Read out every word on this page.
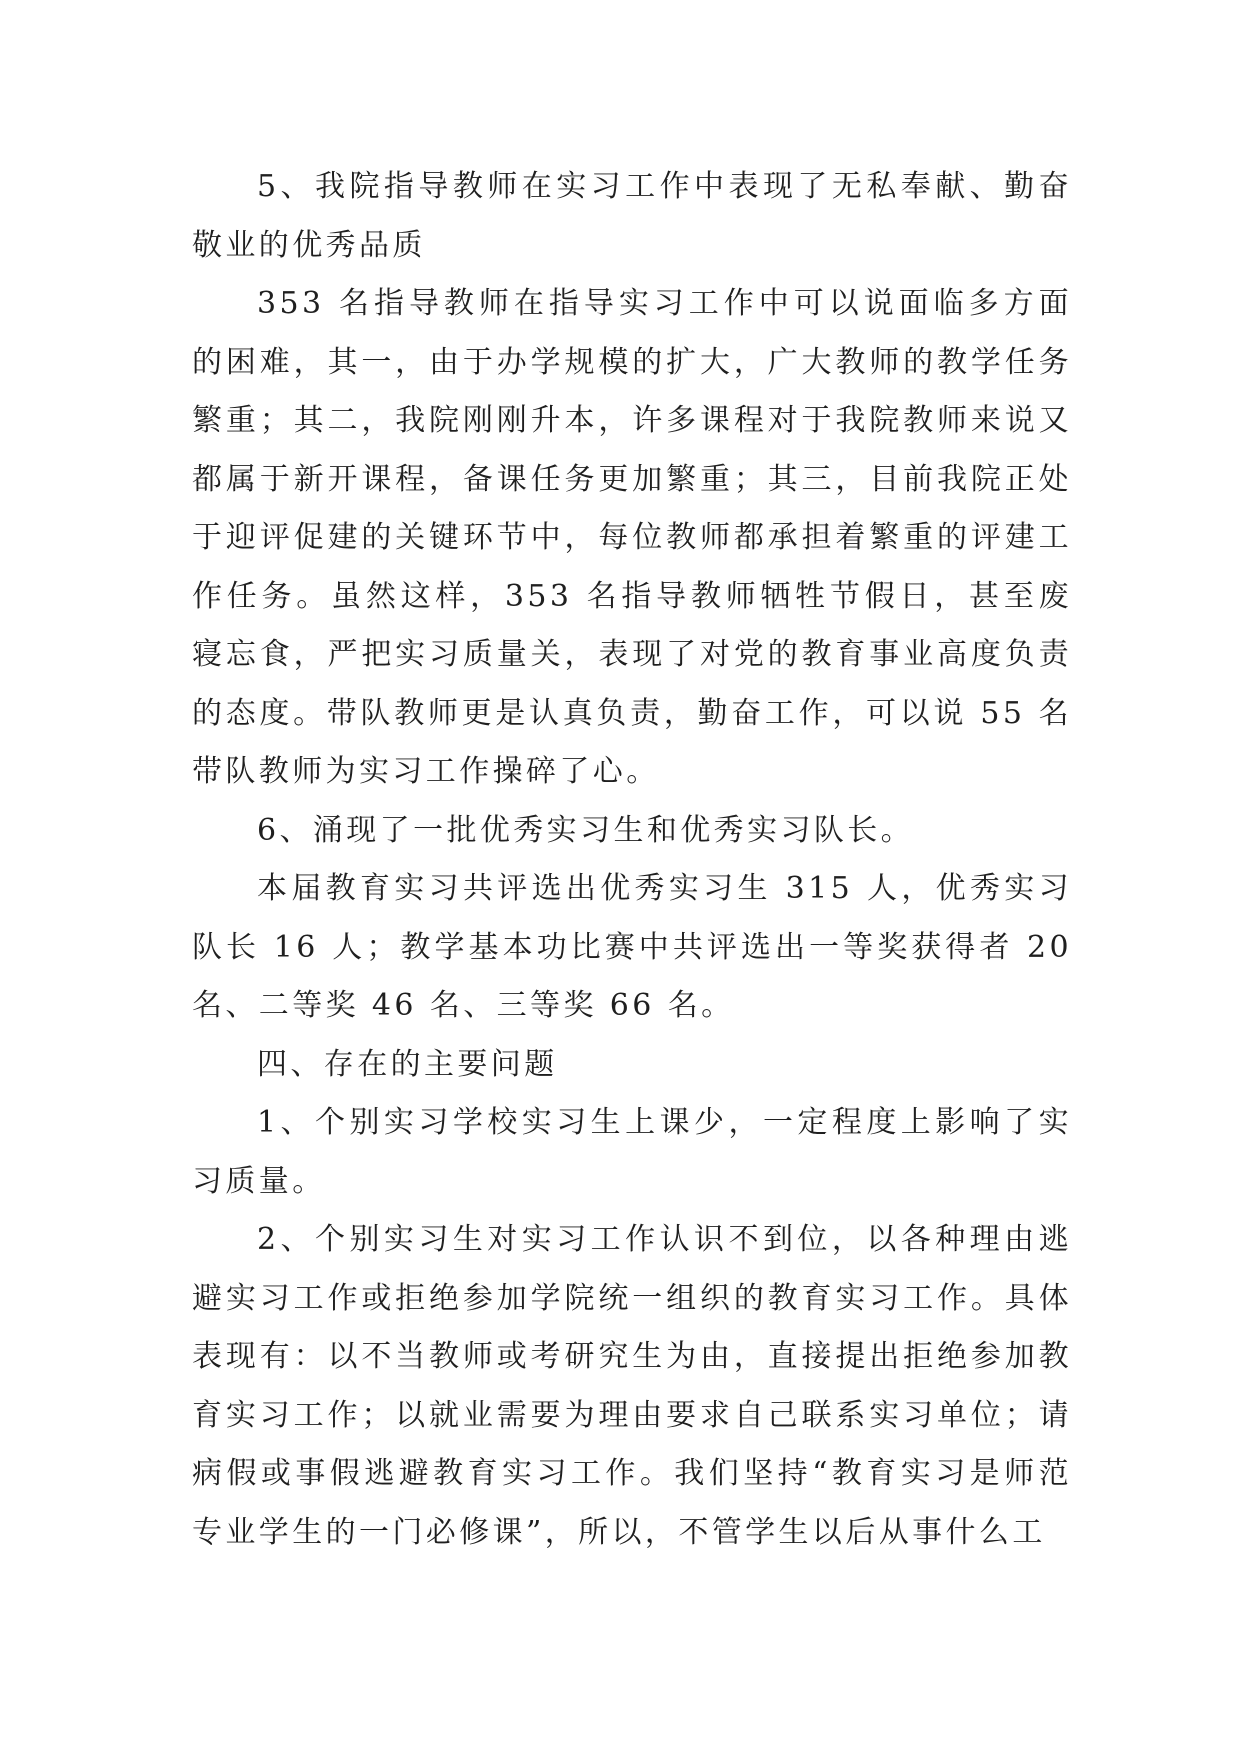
5、我院指导教师在实习工作中表现了无私奉献、勤奋敬业的优秀品质

353 名指导教师在指导实习工作中可以说面临多方面的困难，其一，由于办学规模的扩大，广大教师的教学任务繁重；其二，我院刚刚升本，许多课程对于我院教师来说又都属于新开课程，备课任务更加繁重；其三，目前我院正处于迎评促建的关键环节中，每位教师都承担着繁重的评建工作任务。虽然这样，353 名指导教师牺牲节假日，甚至废寝忘食，严把实习质量关，表现了对党的教育事业高度负责的态度。带队教师更是认真负责，勤奋工作，可以说 55 名带队教师为实习工作操碎了心。

6、涌现了一批优秀实习生和优秀实习队长。

本届教育实习共评选出优秀实习生 315 人，优秀实习队长 16 人；教学基本功比赛中共评选出一等奖获得者 20 名、二等奖 46 名、三等奖 66 名。

四、存在的主要问题

1、个别实习学校实习生上课少，一定程度上影响了实习质量。

2、个别实习生对实习工作认识不到位，以各种理由逃避实习工作或拒绝参加学院统一组织的教育实习工作。具体表现有：以不当教师或考研究生为由，直接提出拒绝参加教育实习工作；以就业需要为理由要求自己联系实习单位；请病假或事假逃避教育实习工作。我们坚持“教育实习是师范专业学生的一门必修课”，所以，不管学生以后从事什么工
